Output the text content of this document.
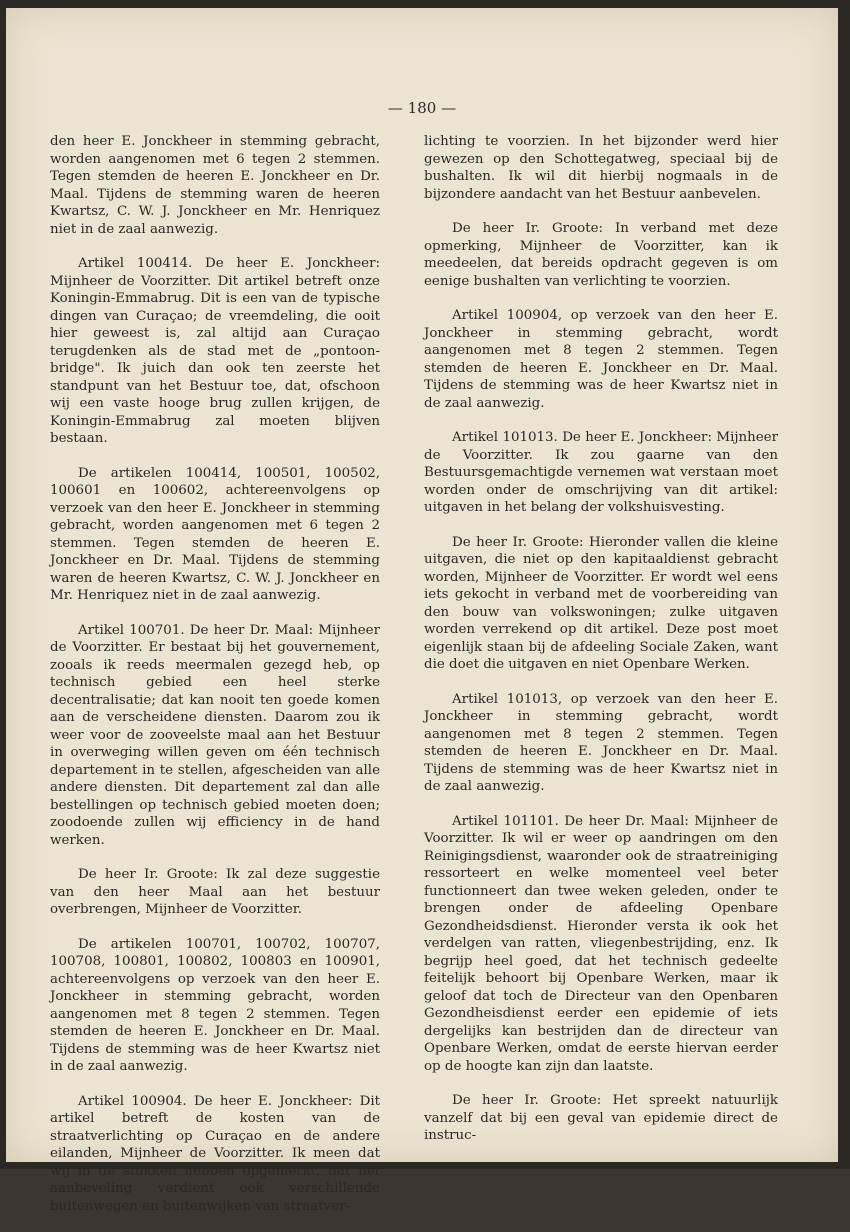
— 180 —

den heer E. Jonckheer in stemming gebracht, worden aangenomen met 6 tegen 2 stemmen. Tegen stemden de heeren E. Jonckheer en Dr. Maal. Tijdens de stemming waren de heeren Kwartsz, C. W. J. Jonckheer en Mr. Henriquez niet in de zaal aanwezig.

Artikel 100414. De heer E. Jonckheer: Mijnheer de Voorzitter. Dit artikel betreft onze Koningin-Emmabrug. Dit is een van de typische dingen van Curaçao; de vreemdeling, die ooit hier geweest is, zal altijd aan Curaçao terugdenken als de stad met de „pontoon-bridge". Ik juich dan ook ten zeerste het standpunt van het Bestuur toe, dat, ofschoon wij een vaste hooge brug zullen krijgen, de Koningin-Emmabrug zal moeten blijven bestaan.

De artikelen 100414, 100501, 100502, 100601 en 100602, achtereenvolgens op verzoek van den heer E. Jonckheer in stemming gebracht, worden aangenomen met 6 tegen 2 stemmen. Tegen stemden de heeren E. Jonckheer en Dr. Maal. Tijdens de stemming waren de heeren Kwartsz, C. W. J. Jonckheer en Mr. Henriquez niet in de zaal aanwezig.

Artikel 100701. De heer Dr. Maal: Mijnheer de Voorzitter. Er bestaat bij het gouvernement, zooals ik reeds meermalen gezegd heb, op technisch gebied een heel sterke decentralisatie; dat kan nooit ten goede komen aan de verscheidene diensten. Daarom zou ik weer voor de zooveelste maal aan het Bestuur in overweging willen geven om één technisch departement in te stellen, afgescheiden van alle andere diensten. Dit departement zal dan alle bestellingen op technisch gebied moeten doen; zoodoende zullen wij efficiency in de hand werken.

De heer Ir. Groote: Ik zal deze suggestie van den heer Maal aan het bestuur overbrengen, Mijnheer de Voorzitter.

De artikelen 100701, 100702, 100707, 100708, 100801, 100802, 100803 en 100901, achtereenvolgens op verzoek van den heer E. Jonckheer in stemming gebracht, worden aangenomen met 8 tegen 2 stemmen. Tegen stemden de heeren E. Jonckheer en Dr. Maal. Tijdens de stemming was de heer Kwartsz niet in de zaal aanwezig.

Artikel 100904. De heer E. Jonckheer: Dit artikel betreft de kosten van de straatverlichting op Curaçao en de andere eilanden, Mijnheer de Voorzitter. Ik meen dat wij in de stukken hebben opgemerkt, dat het aanbeveling verdient ook verschillende buitenwegen en buitenwijken van straatver-

lichting te voorzien. In het bijzonder werd hier gewezen op den Schottegatweg, speciaal bij de bushalten. Ik wil dit hierbij nogmaals in de bijzondere aandacht van het Bestuur aanbevelen.

De heer Ir. Groote: In verband met deze opmerking, Mijnheer de Voorzitter, kan ik meedeelen, dat bereids opdracht gegeven is om eenige bushalten van verlichting te voorzien.

Artikel 100904, op verzoek van den heer E. Jonckheer in stemming gebracht, wordt aangenomen met 8 tegen 2 stemmen. Tegen stemden de heeren E. Jonckheer en Dr. Maal. Tijdens de stemming was de heer Kwartsz niet in de zaal aanwezig.

Artikel 101013. De heer E. Jonckheer: Mijnheer de Voorzitter. Ik zou gaarne van den Bestuursgemachtigde vernemen wat verstaan moet worden onder de omschrijving van dit artikel: uitgaven in het belang der volkshuisvesting.

De heer Ir. Groote: Hieronder vallen die kleine uitgaven, die niet op den kapitaaldienst gebracht worden, Mijnheer de Voorzitter. Er wordt wel eens iets gekocht in verband met de voorbereiding van den bouw van volkswoningen; zulke uitgaven worden verrekend op dit artikel. Deze post moet eigenlijk staan bij de afdeeling Sociale Zaken, want die doet die uitgaven en niet Openbare Werken.

Artikel 101013, op verzoek van den heer E. Jonckheer in stemming gebracht, wordt aangenomen met 8 tegen 2 stemmen. Tegen stemden de heeren E. Jonckheer en Dr. Maal. Tijdens de stemming was de heer Kwartsz niet in de zaal aanwezig.

Artikel 101101. De heer Dr. Maal: Mijnheer de Voorzitter. Ik wil er weer op aandringen om den Reinigingsdienst, waaronder ook de straatreiniging ressorteert en welke momenteel veel beter functionneert dan twee weken geleden, onder te brengen onder de afdeeling Openbare Gezondheidsdienst. Hieronder versta ik ook het verdelgen van ratten, vliegenbestrijding, enz. Ik begrijp heel goed, dat het technisch gedeelte feitelijk behoort bij Openbare Werken, maar ik geloof dat toch de Directeur van den Openbaren Gezondheisdienst eerder een epidemie of iets dergelijks kan bestrijden dan de directeur van Openbare Werken, omdat de eerste hiervan eerder op de hoogte kan zijn dan laatste.

De heer Ir. Groote: Het spreekt natuurlijk vanzelf dat bij een geval van epidemie direct de instruc-
